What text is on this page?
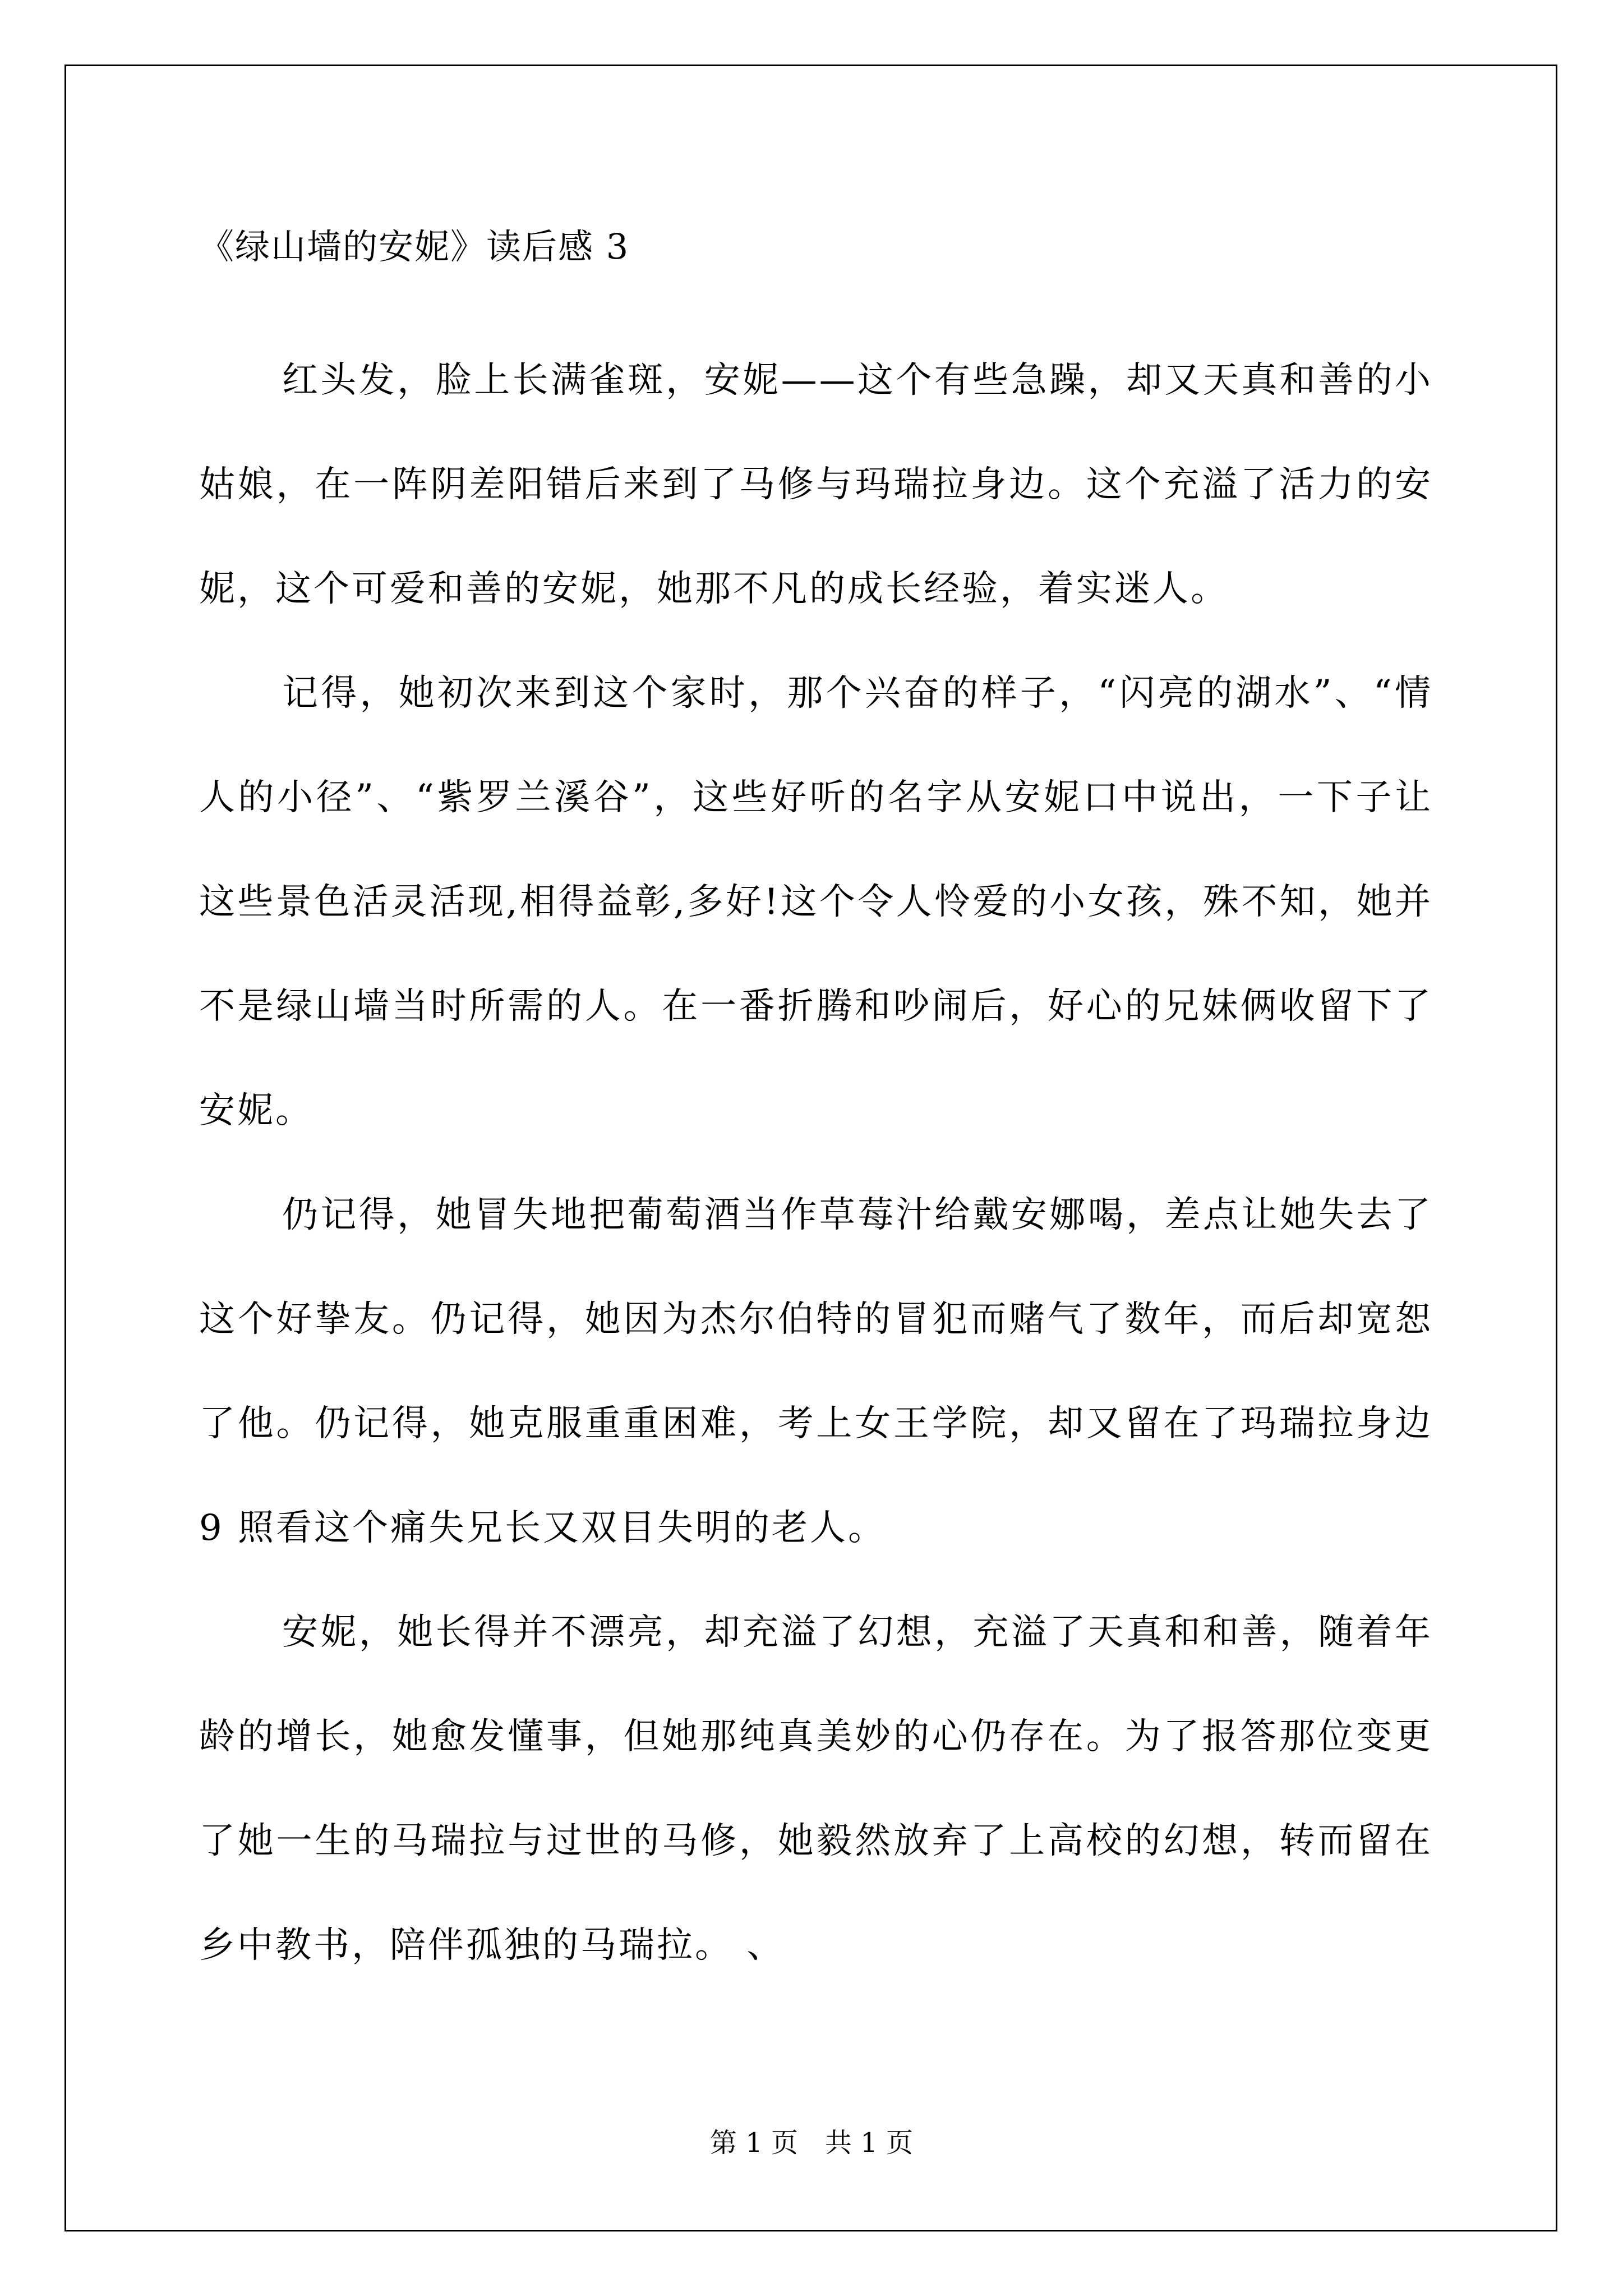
《绿山墙的安妮》读后感 3

红头发，脸上长满雀斑，安妮——这个有些急躁，却又天真和善的小姑娘，在一阵阴差阳错后来到了马修与玛瑞拉身边。这个充溢了活力的安妮，这个可爱和善的安妮，她那不凡的成长经验，着实迷人。

记得，她初次来到这个家时，那个兴奋的样子，“闪亮的湖水”、“情人的小径”、“紫罗兰溪谷”，这些好听的名字从安妮口中说出，一下子让这些景色活灵活现,相得益彰,多好!这个令人怜爱的小女孩，殊不知，她并不是绿山墙当时所需的人。在一番折腾和吵闹后，好心的兄妹俩收留下了安妮。

仍记得，她冒失地把葡萄酒当作草莓汁给戴安娜喝，差点让她失去了这个好挚友。仍记得，她因为杰尔伯特的冒犯而赌气了数年，而后却宽恕了他。仍记得，她克服重重困难，考上女王学院，却又留在了玛瑞拉身边 9 照看这个痛失兄长又双目失明的老人。

安妮，她长得并不漂亮，却充溢了幻想，充溢了天真和和善，随着年龄的增长，她愈发懂事，但她那纯真美妙的心仍存在。为了报答那位变更了她一生的马瑞拉与过世的马修，她毅然放弃了上高校的幻想，转而留在乡中教书，陪伴孤独的马瑞拉。 、

第 1 页　共 1 页
